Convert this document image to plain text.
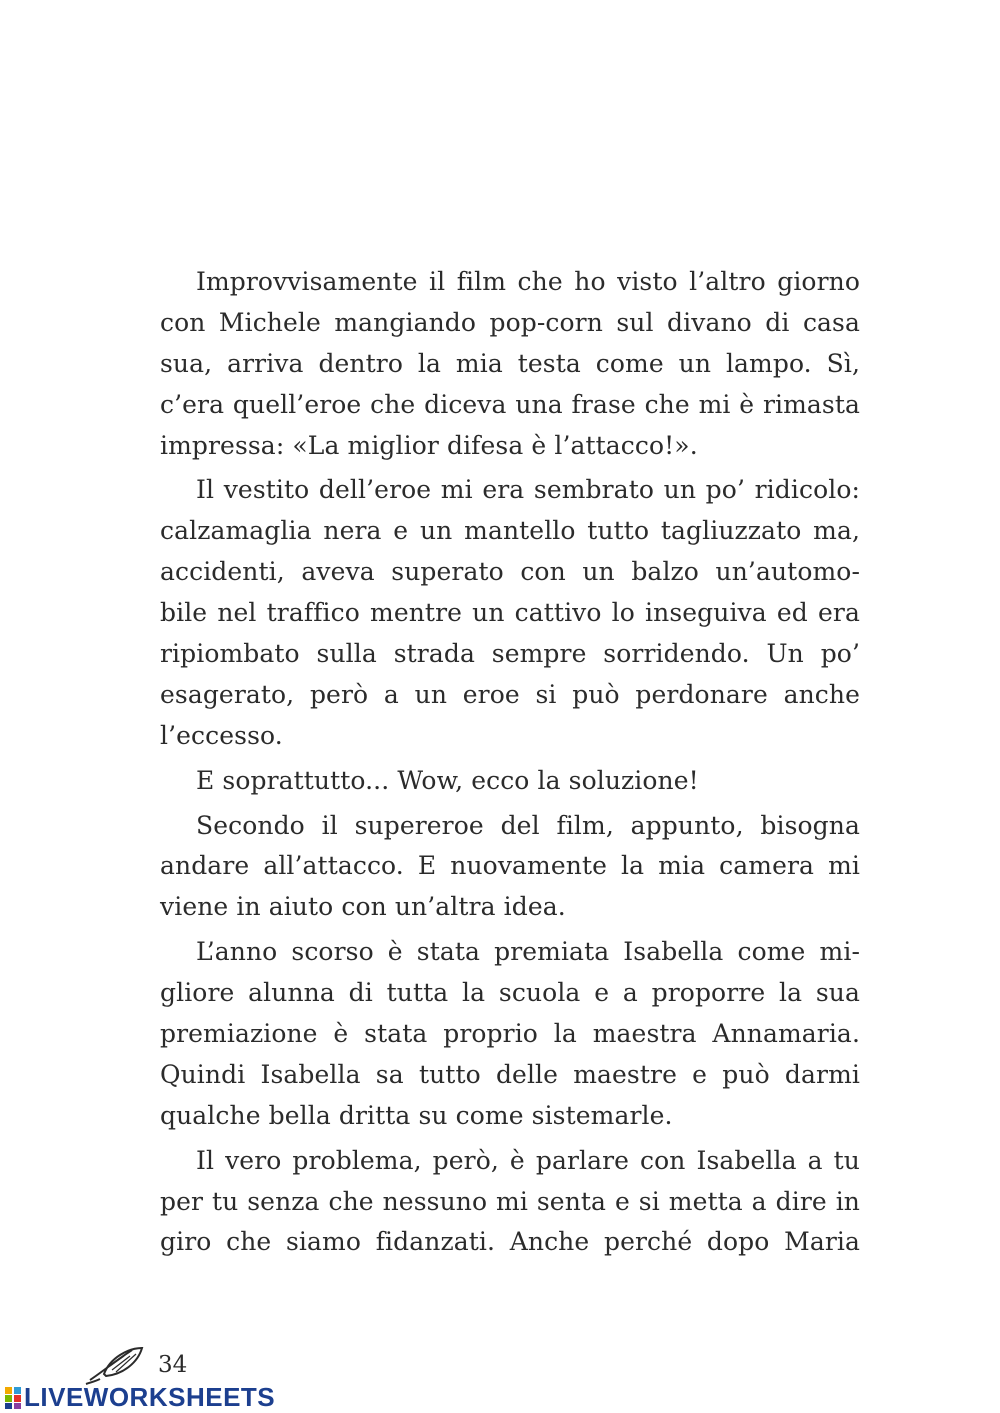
Improvvisamente il film che ho visto l’altro giorno
con Michele mangiando pop-corn sul divano di casa
sua, arriva dentro la mia testa come un lampo. Sì,
c’era quell’eroe che diceva una frase che mi è rimasta
impressa: «La miglior difesa è l’attacco!».
Il vestito dell’eroe mi era sembrato un po’ ridicolo:
calzamaglia nera e un mantello tutto tagliuzzato ma,
accidenti, aveva superato con un balzo un’automo-
bile nel traffico mentre un cattivo lo inseguiva ed era
ripiombato sulla strada sempre sorridendo. Un po’
esagerato, però a un eroe si può perdonare anche
l’eccesso.
E soprattutto... Wow, ecco la soluzione!
Secondo il supereroe del film, appunto, bisogna
andare all’attacco. E nuovamente la mia camera mi
viene in aiuto con un’altra idea.
L’anno scorso è stata premiata Isabella come mi-
gliore alunna di tutta la scuola e a proporre la sua
premiazione è stata proprio la maestra Annamaria.
Quindi Isabella sa tutto delle maestre e può darmi
qualche bella dritta su come sistemarle.
Il vero problema, però, è parlare con Isabella a tu
per tu senza che nessuno mi senta e si metta a dire in
giro che siamo fidanzati. Anche perché dopo Maria
34
LIVEWORKSHEETS
